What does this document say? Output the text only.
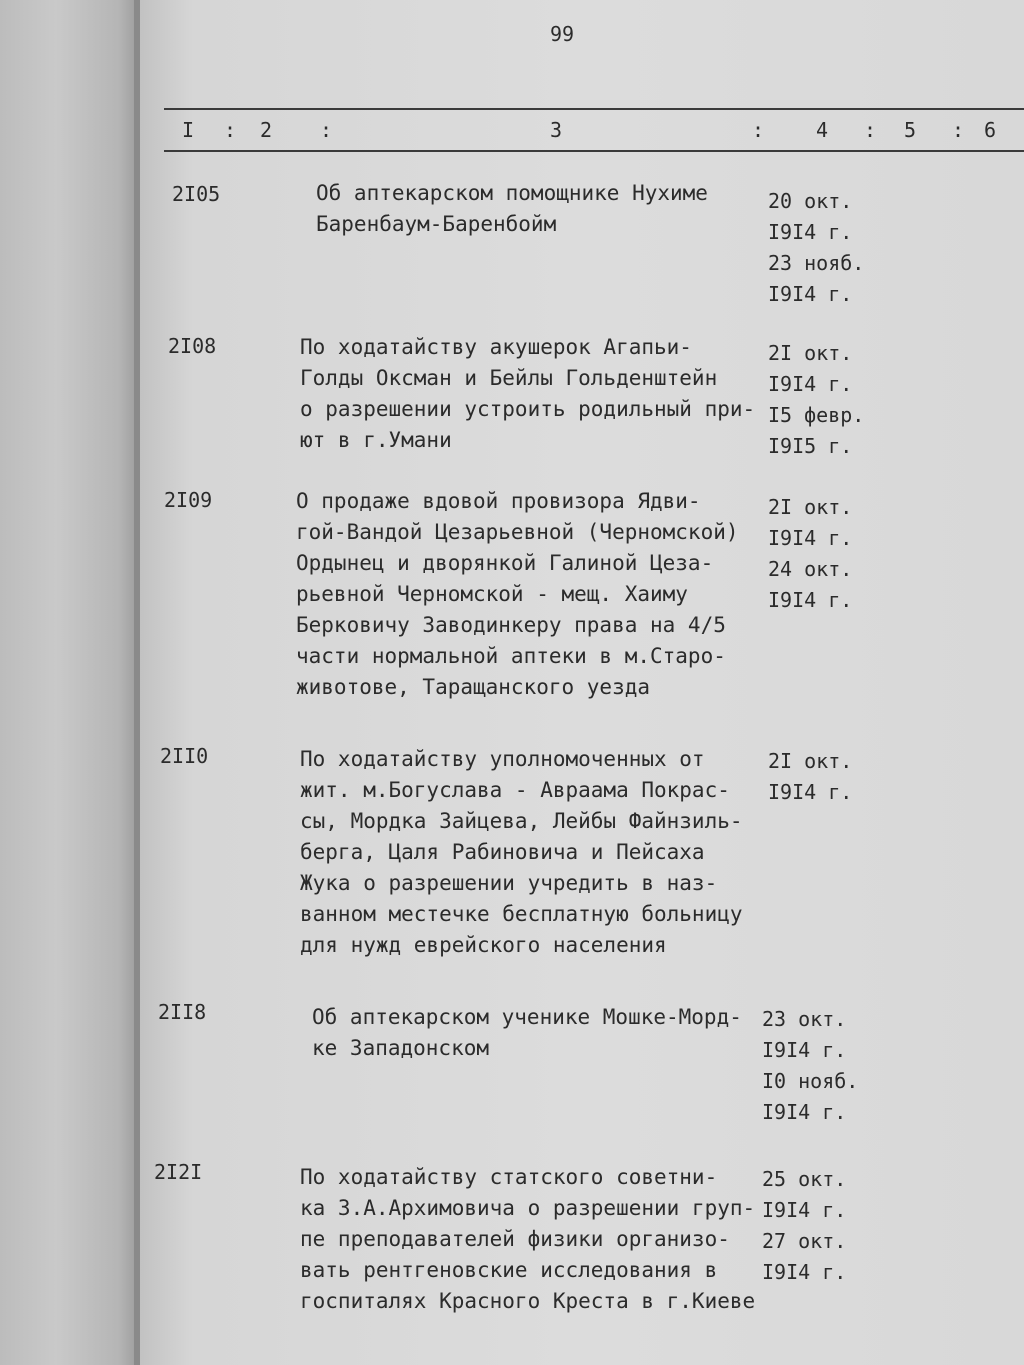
99
I : 2 :	3	:	4 : 5 : 6
2I05	Об аптекарском помощнике Нухиме
Баренбаум-Баренбойм
20 окт.
I9I4 г.
23 нояб.
I9I4 г.
2I08	По ходатайству акушерок Агапьи-
Голды Оксман и Бейлы Гольденштейн
о разрешении устроить родильный при-
ют в г.Умани
2I окт.
I9I4 г.
I5 февр.
I9I5 г.
2I09	О продаже вдовой провизора Ядви-
гой-Вандой Цезарьевной (Черномской)
Ордынец и дворянкой Галиной Цеза-
рьевной Черномской - мещ. Хаиму
Берковичу Заводинкеру права на 4/5
части нормальной аптеки в м.Старо-
животове, Таращанского уезда
2I окт.
I9I4 г.
24 окт.
I9I4 г.
2II0	По ходатайству уполномоченных от
жит. м.Богуслава - Авраама Покрас-
сы, Мордка Зайцева, Лейбы Файнзиль-
берга, Цаля Рабиновича и Пейсаха
Жука о разрешении учредить в наз-
ванном местечке бесплатную больницу
для нужд еврейского населения
2I окт.
I9I4 г.
2II8	Об аптекарском ученике Мошке-Морд-
ке Западонском
23 окт.
I9I4 г.
I0 нояб.
I9I4 г.
2I2I	По ходатайству статского советни-
ка З.А.Архимовича о разрешении груп-
пе преподавателей физики организо-
вать рентгеновские исследования в
госпиталях Красного Креста в г.Киеве
25 окт.
I9I4 г.
27 окт.
I9I4 г.
